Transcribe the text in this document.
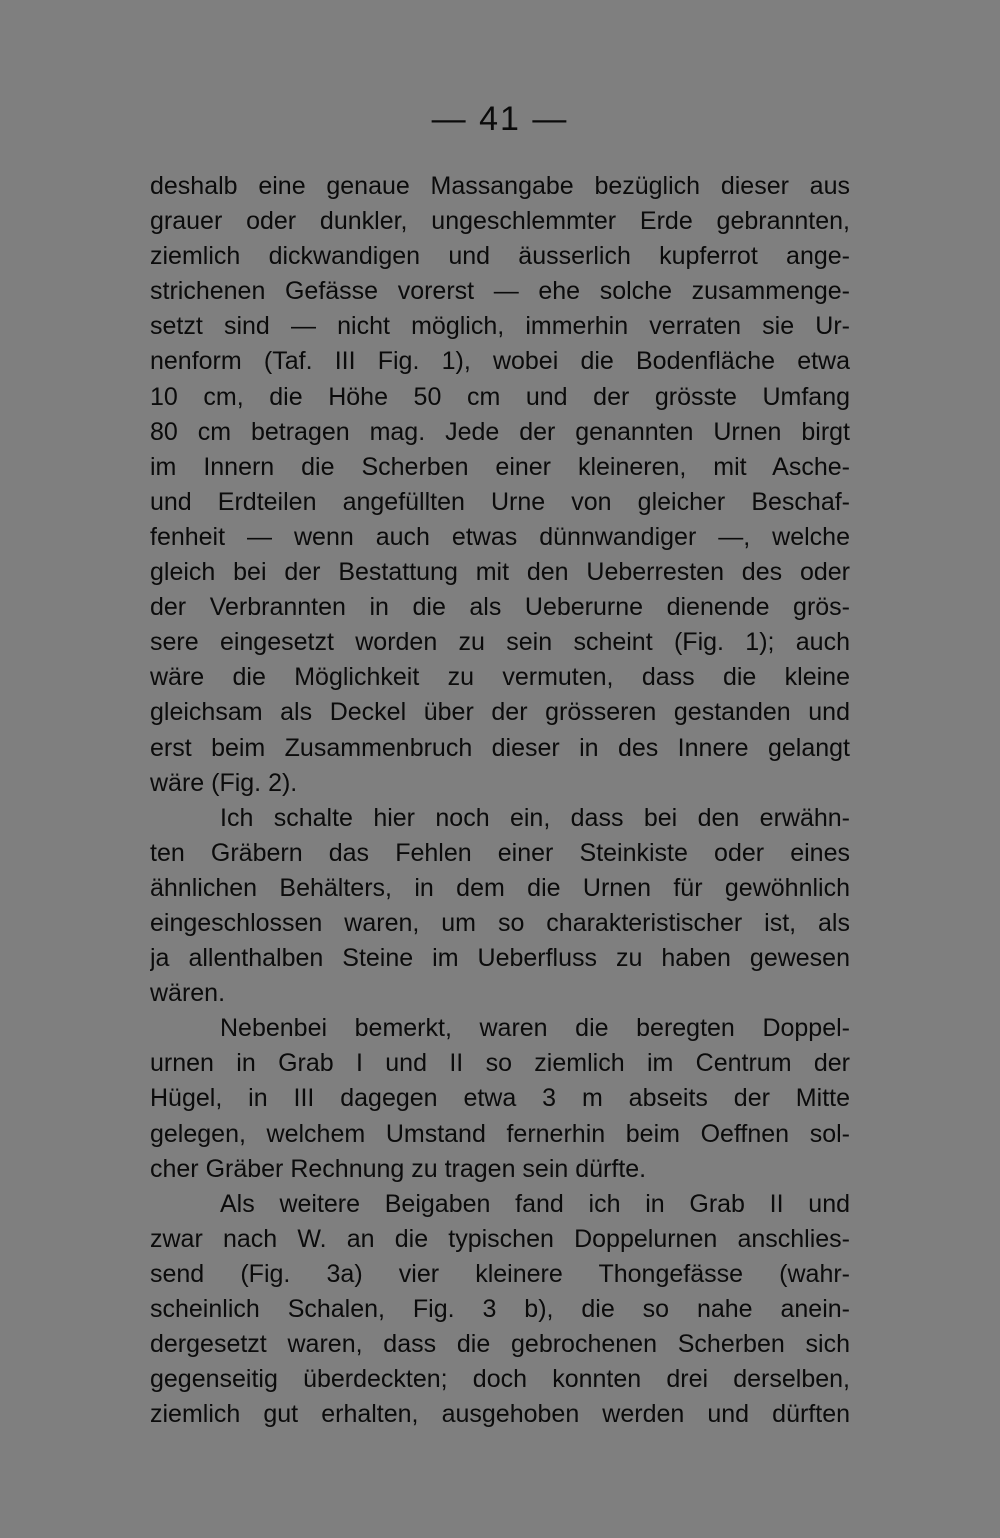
— 41 —
deshalb eine genaue Massangabe bezüglich dieser aus
grauer oder dunkler, ungeschlemmter Erde gebrannten,
ziemlich dickwandigen und äusserlich kupferrot ange-
strichenen Gefässe vorerst — ehe solche zusammenge-
setzt sind — nicht möglich, immerhin verraten sie Ur-
nenform (Taf. III Fig. 1), wobei die Bodenfläche etwa
10 cm, die Höhe 50 cm und der grösste Umfang
80 cm betragen mag. Jede der genannten Urnen birgt
im Innern die Scherben einer kleineren, mit Asche-
und Erdteilen angefüllten Urne von gleicher Beschaf-
fenheit — wenn auch etwas dünnwandiger —, welche
gleich bei der Bestattung mit den Ueberresten des oder
der Verbrannten in die als Ueberurne dienende grös-
sere eingesetzt worden zu sein scheint (Fig. 1); auch
wäre die Möglichkeit zu vermuten, dass die kleine
gleichsam als Deckel über der grösseren gestanden und
erst beim Zusammenbruch dieser in des Innere gelangt
wäre (Fig. 2).
Ich schalte hier noch ein, dass bei den erwähn-
ten Gräbern das Fehlen einer Steinkiste oder eines
ähnlichen Behälters, in dem die Urnen für gewöhnlich
eingeschlossen waren, um so charakteristischer ist, als
ja allenthalben Steine im Ueberfluss zu haben gewesen
wären.
Nebenbei bemerkt, waren die beregten Doppel-
urnen in Grab I und II so ziemlich im Centrum der
Hügel, in III dagegen etwa 3 m abseits der Mitte
gelegen, welchem Umstand fernerhin beim Oeffnen sol-
cher Gräber Rechnung zu tragen sein dürfte.
Als weitere Beigaben fand ich in Grab II und
zwar nach W. an die typischen Doppelurnen anschlies-
send (Fig. 3a) vier kleinere Thongefässe (wahr-
scheinlich Schalen, Fig. 3 b), die so nahe anein-
dergesetzt waren, dass die gebrochenen Scherben sich
gegenseitig überdeckten; doch konnten drei derselben,
ziemlich gut erhalten, ausgehoben werden und dürften
